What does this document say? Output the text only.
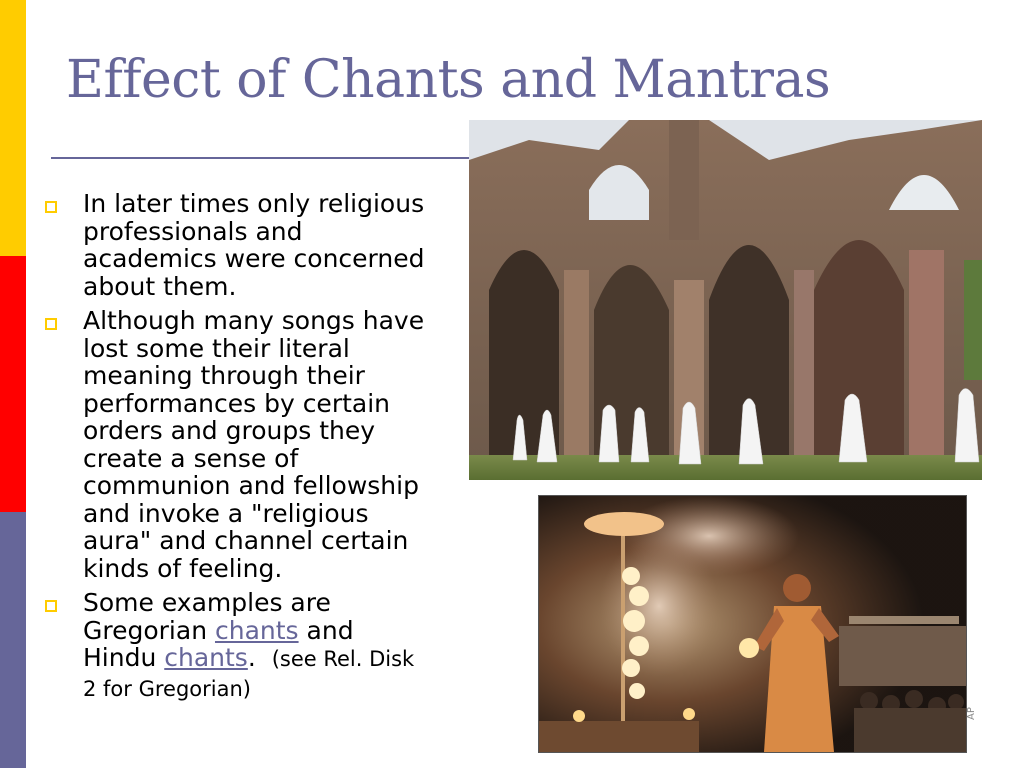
Effect of Chants and Mantras
In later times only religious professionals and academics were concerned about them.
Although many songs have lost some their literal meaning through their performances by certain orders and groups they create a sense of communion and fellowship and invoke a "religious aura" and channel certain kinds of feeling.
Some examples are Gregorian chants and Hindu chants.  (see Rel. Disk 2 for Gregorian)
AP
